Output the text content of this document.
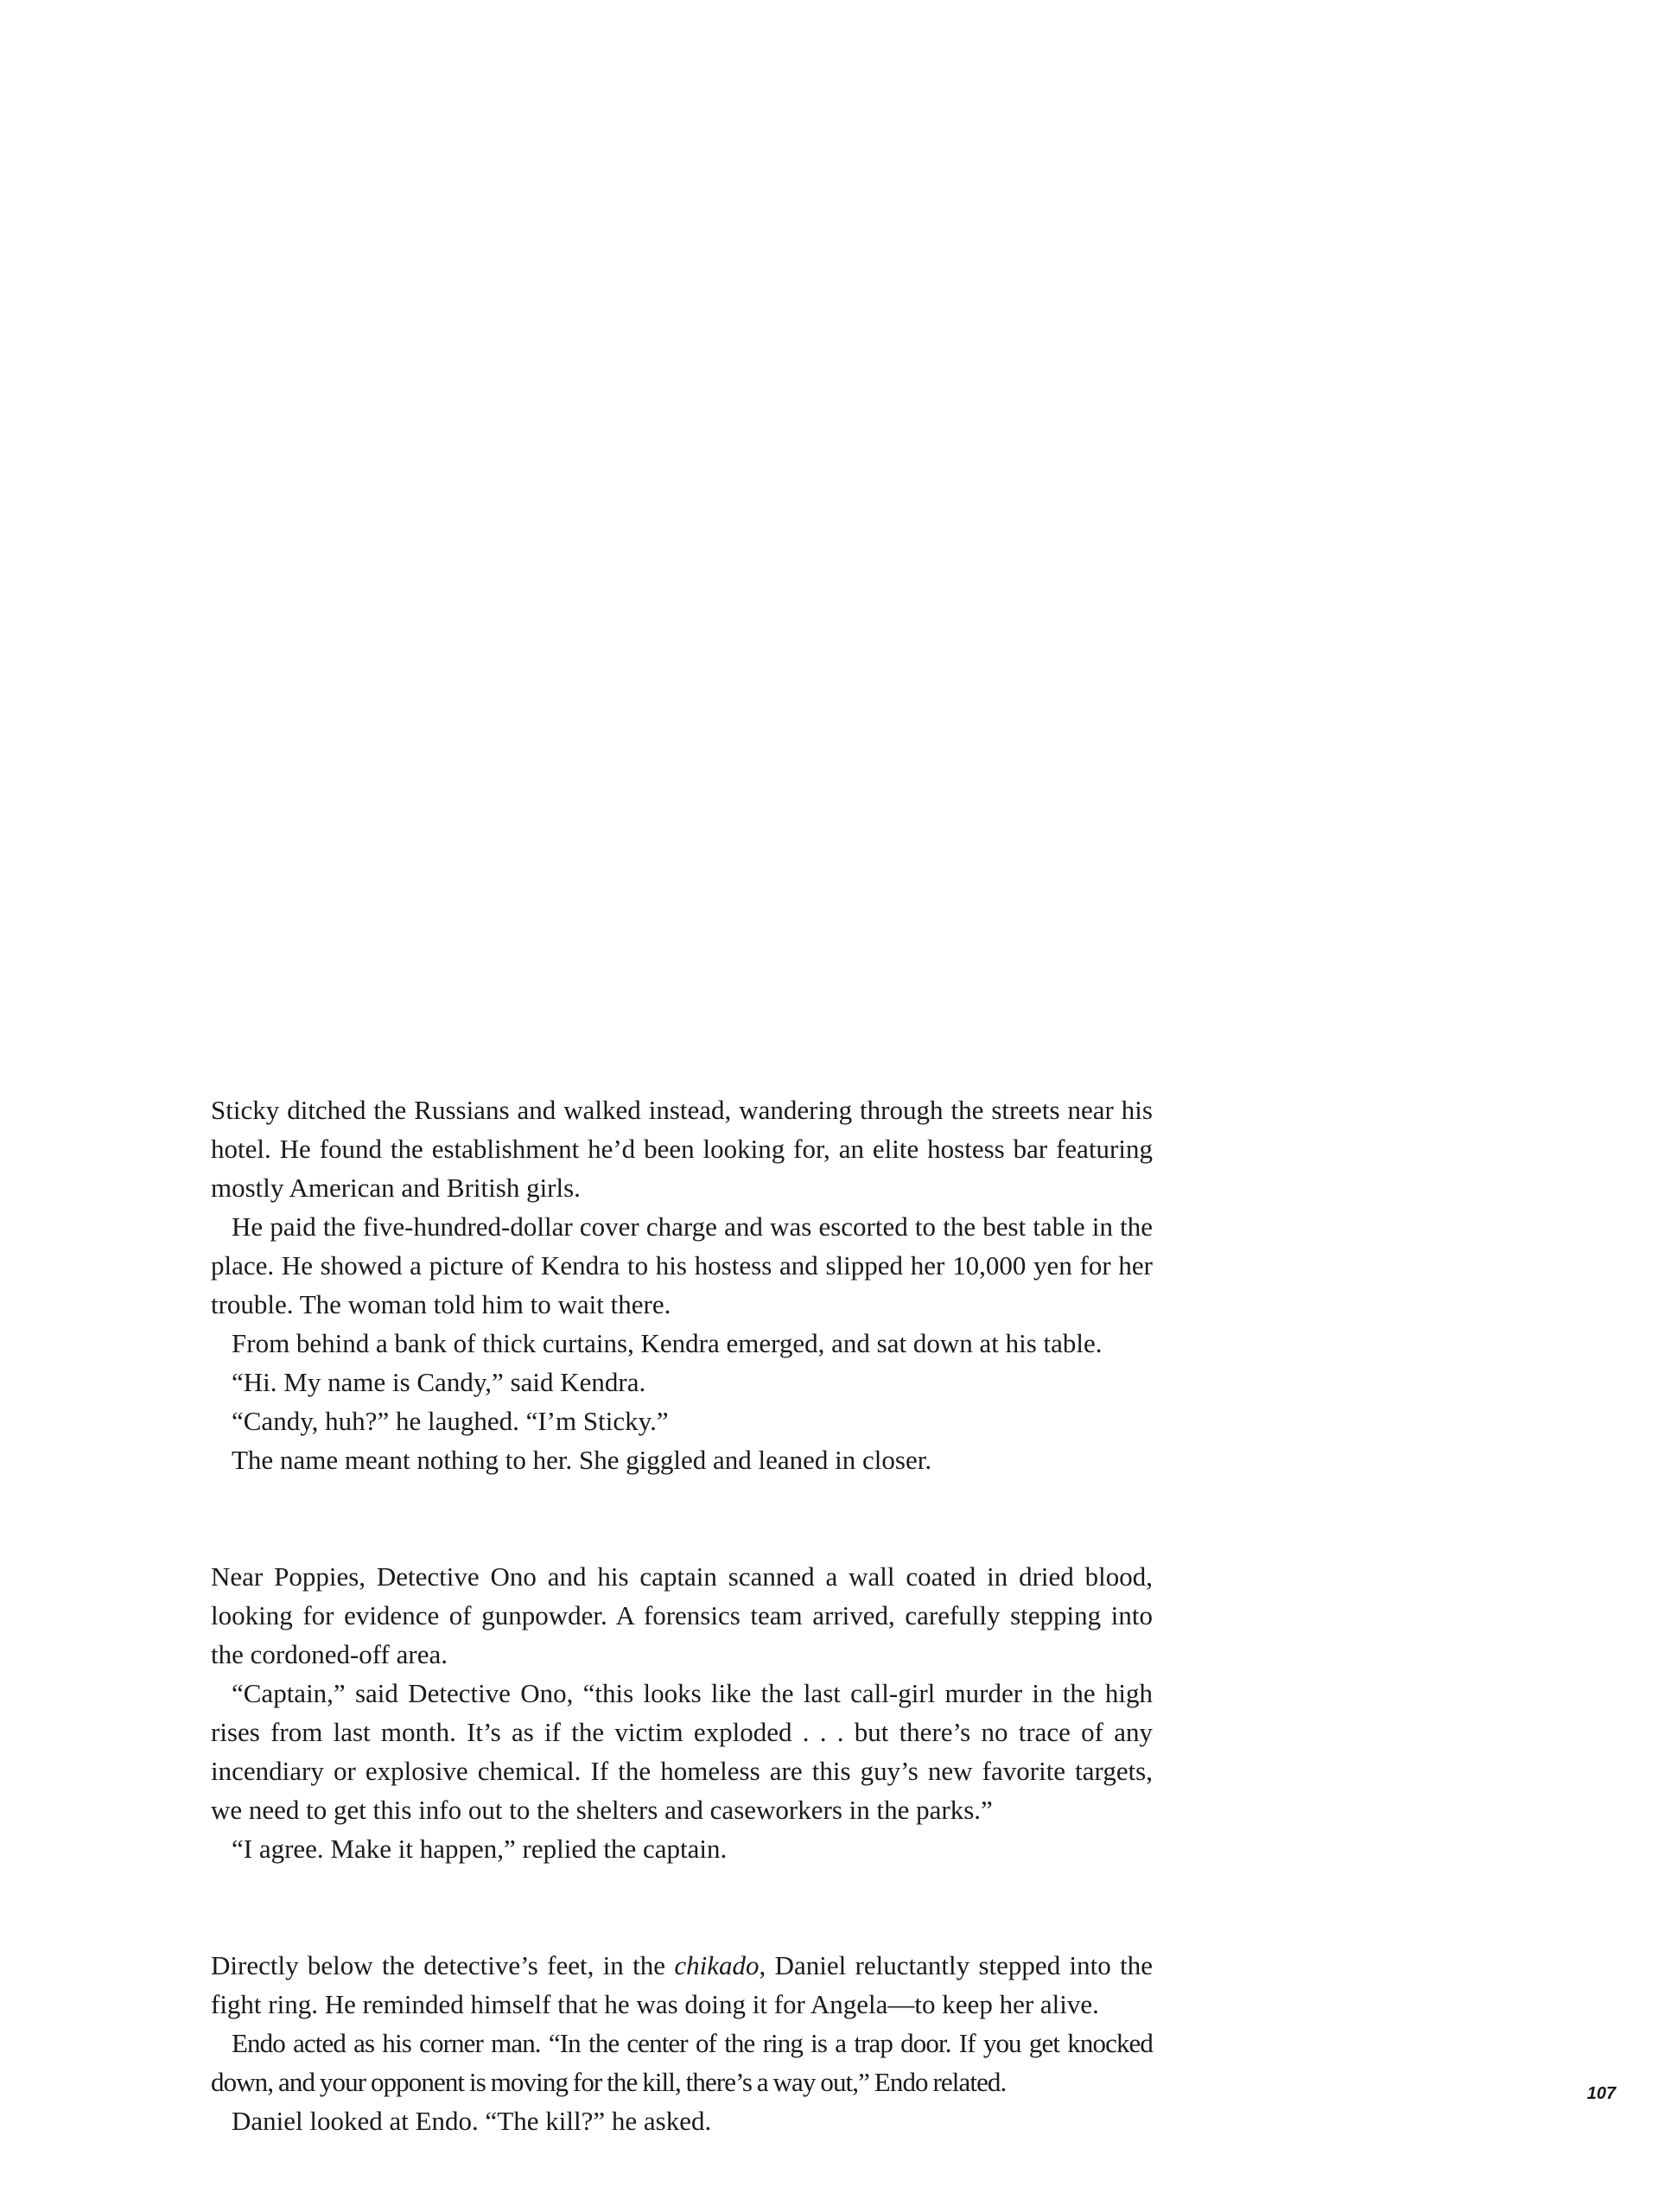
Sticky ditched the Russians and walked instead, wandering through the streets near his hotel. He found the establishment he’d been looking for, an elite hostess bar featuring mostly American and British girls.

He paid the five-hundred-dollar cover charge and was escorted to the best table in the place. He showed a picture of Kendra to his hostess and slipped her 10,000 yen for her trouble. The woman told him to wait there.

From behind a bank of thick curtains, Kendra emerged, and sat down at his table.

“Hi. My name is Candy,” said Kendra.

“Candy, huh?” he laughed. “I’m Sticky.”

The name meant nothing to her. She giggled and leaned in closer.

Near Poppies, Detective Ono and his captain scanned a wall coated in dried blood, looking for evidence of gunpowder. A forensics team arrived, carefully stepping into the cordoned-off area.

“Captain,” said Detective Ono, “this looks like the last call-girl murder in the high rises from last month. It’s as if the victim exploded . . . but there’s no trace of any incendiary or explosive chemical. If the homeless are this guy’s new favorite targets, we need to get this info out to the shelters and caseworkers in the parks.”

“I agree. Make it happen,” replied the captain.

Directly below the detective’s feet, in the chikado, Daniel reluctantly stepped into the fight ring. He reminded himself that he was doing it for Angela—to keep her alive.

Endo acted as his corner man. “In the center of the ring is a trap door. If you get knocked down, and your opponent is moving for the kill, there’s a way out,” Endo related.

Daniel looked at Endo. “The kill?” he asked.

107
